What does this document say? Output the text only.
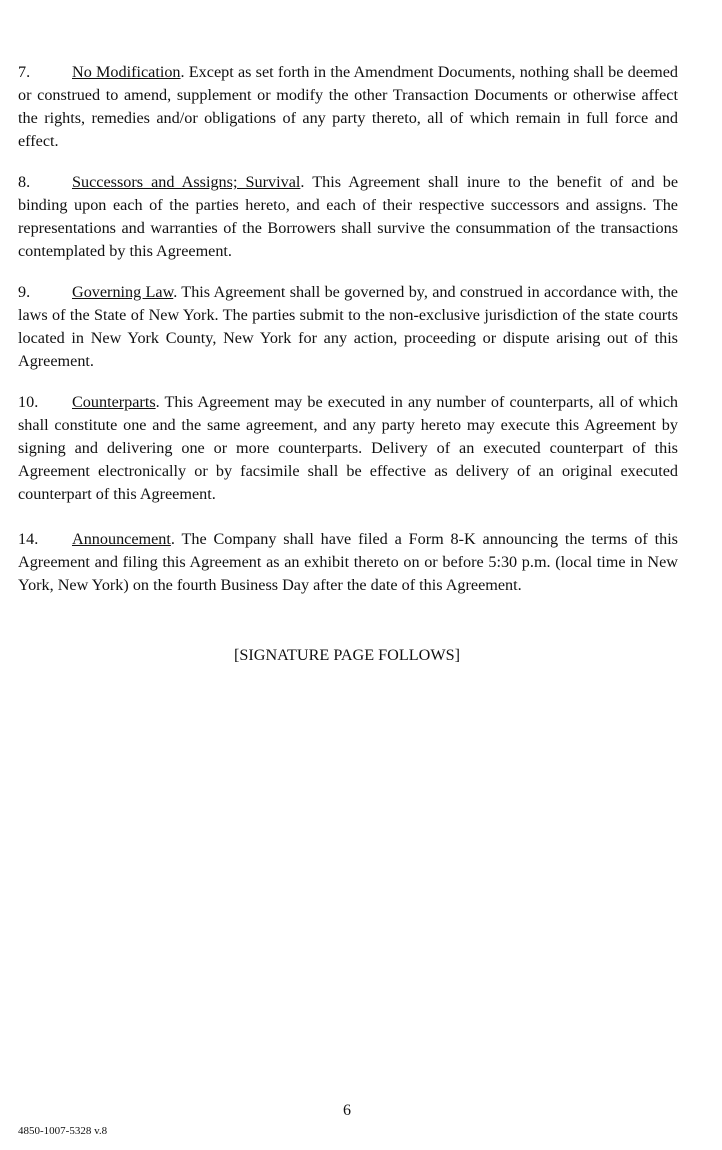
7.	No Modification. Except as set forth in the Amendment Documents, nothing shall be deemed or construed to amend, supplement or modify the other Transaction Documents or otherwise affect the rights, remedies and/or obligations of any party thereto, all of which remain in full force and effect.

8.	Successors and Assigns; Survival. This Agreement shall inure to the benefit of and be binding upon each of the parties hereto, and each of their respective successors and assigns. The representations and warranties of the Borrowers shall survive the consummation of the transactions contemplated by this Agreement.

9.	Governing Law. This Agreement shall be governed by, and construed in accordance with, the laws of the State of New York. The parties submit to the non-exclusive jurisdiction of the state courts located in New York County, New York for any action, proceeding or dispute arising out of this Agreement.

10. Counterparts. This Agreement may be executed in any number of counterparts, all of which shall constitute one and the same agreement, and any party hereto may execute this Agreement by signing and delivering one or more counterparts. Delivery of an executed counterpart of this Agreement electronically or by facsimile shall be effective as delivery of an original executed counterpart of this Agreement.

14. Announcement. The Company shall have filed a Form 8-K announcing the terms of this Agreement and filing this Agreement as an exhibit thereto on or before 5:30 p.m. (local time in New York, New York) on the fourth Business Day after the date of this Agreement.

[SIGNATURE PAGE FOLLOWS]
6
4850-1007-5328 v.8
